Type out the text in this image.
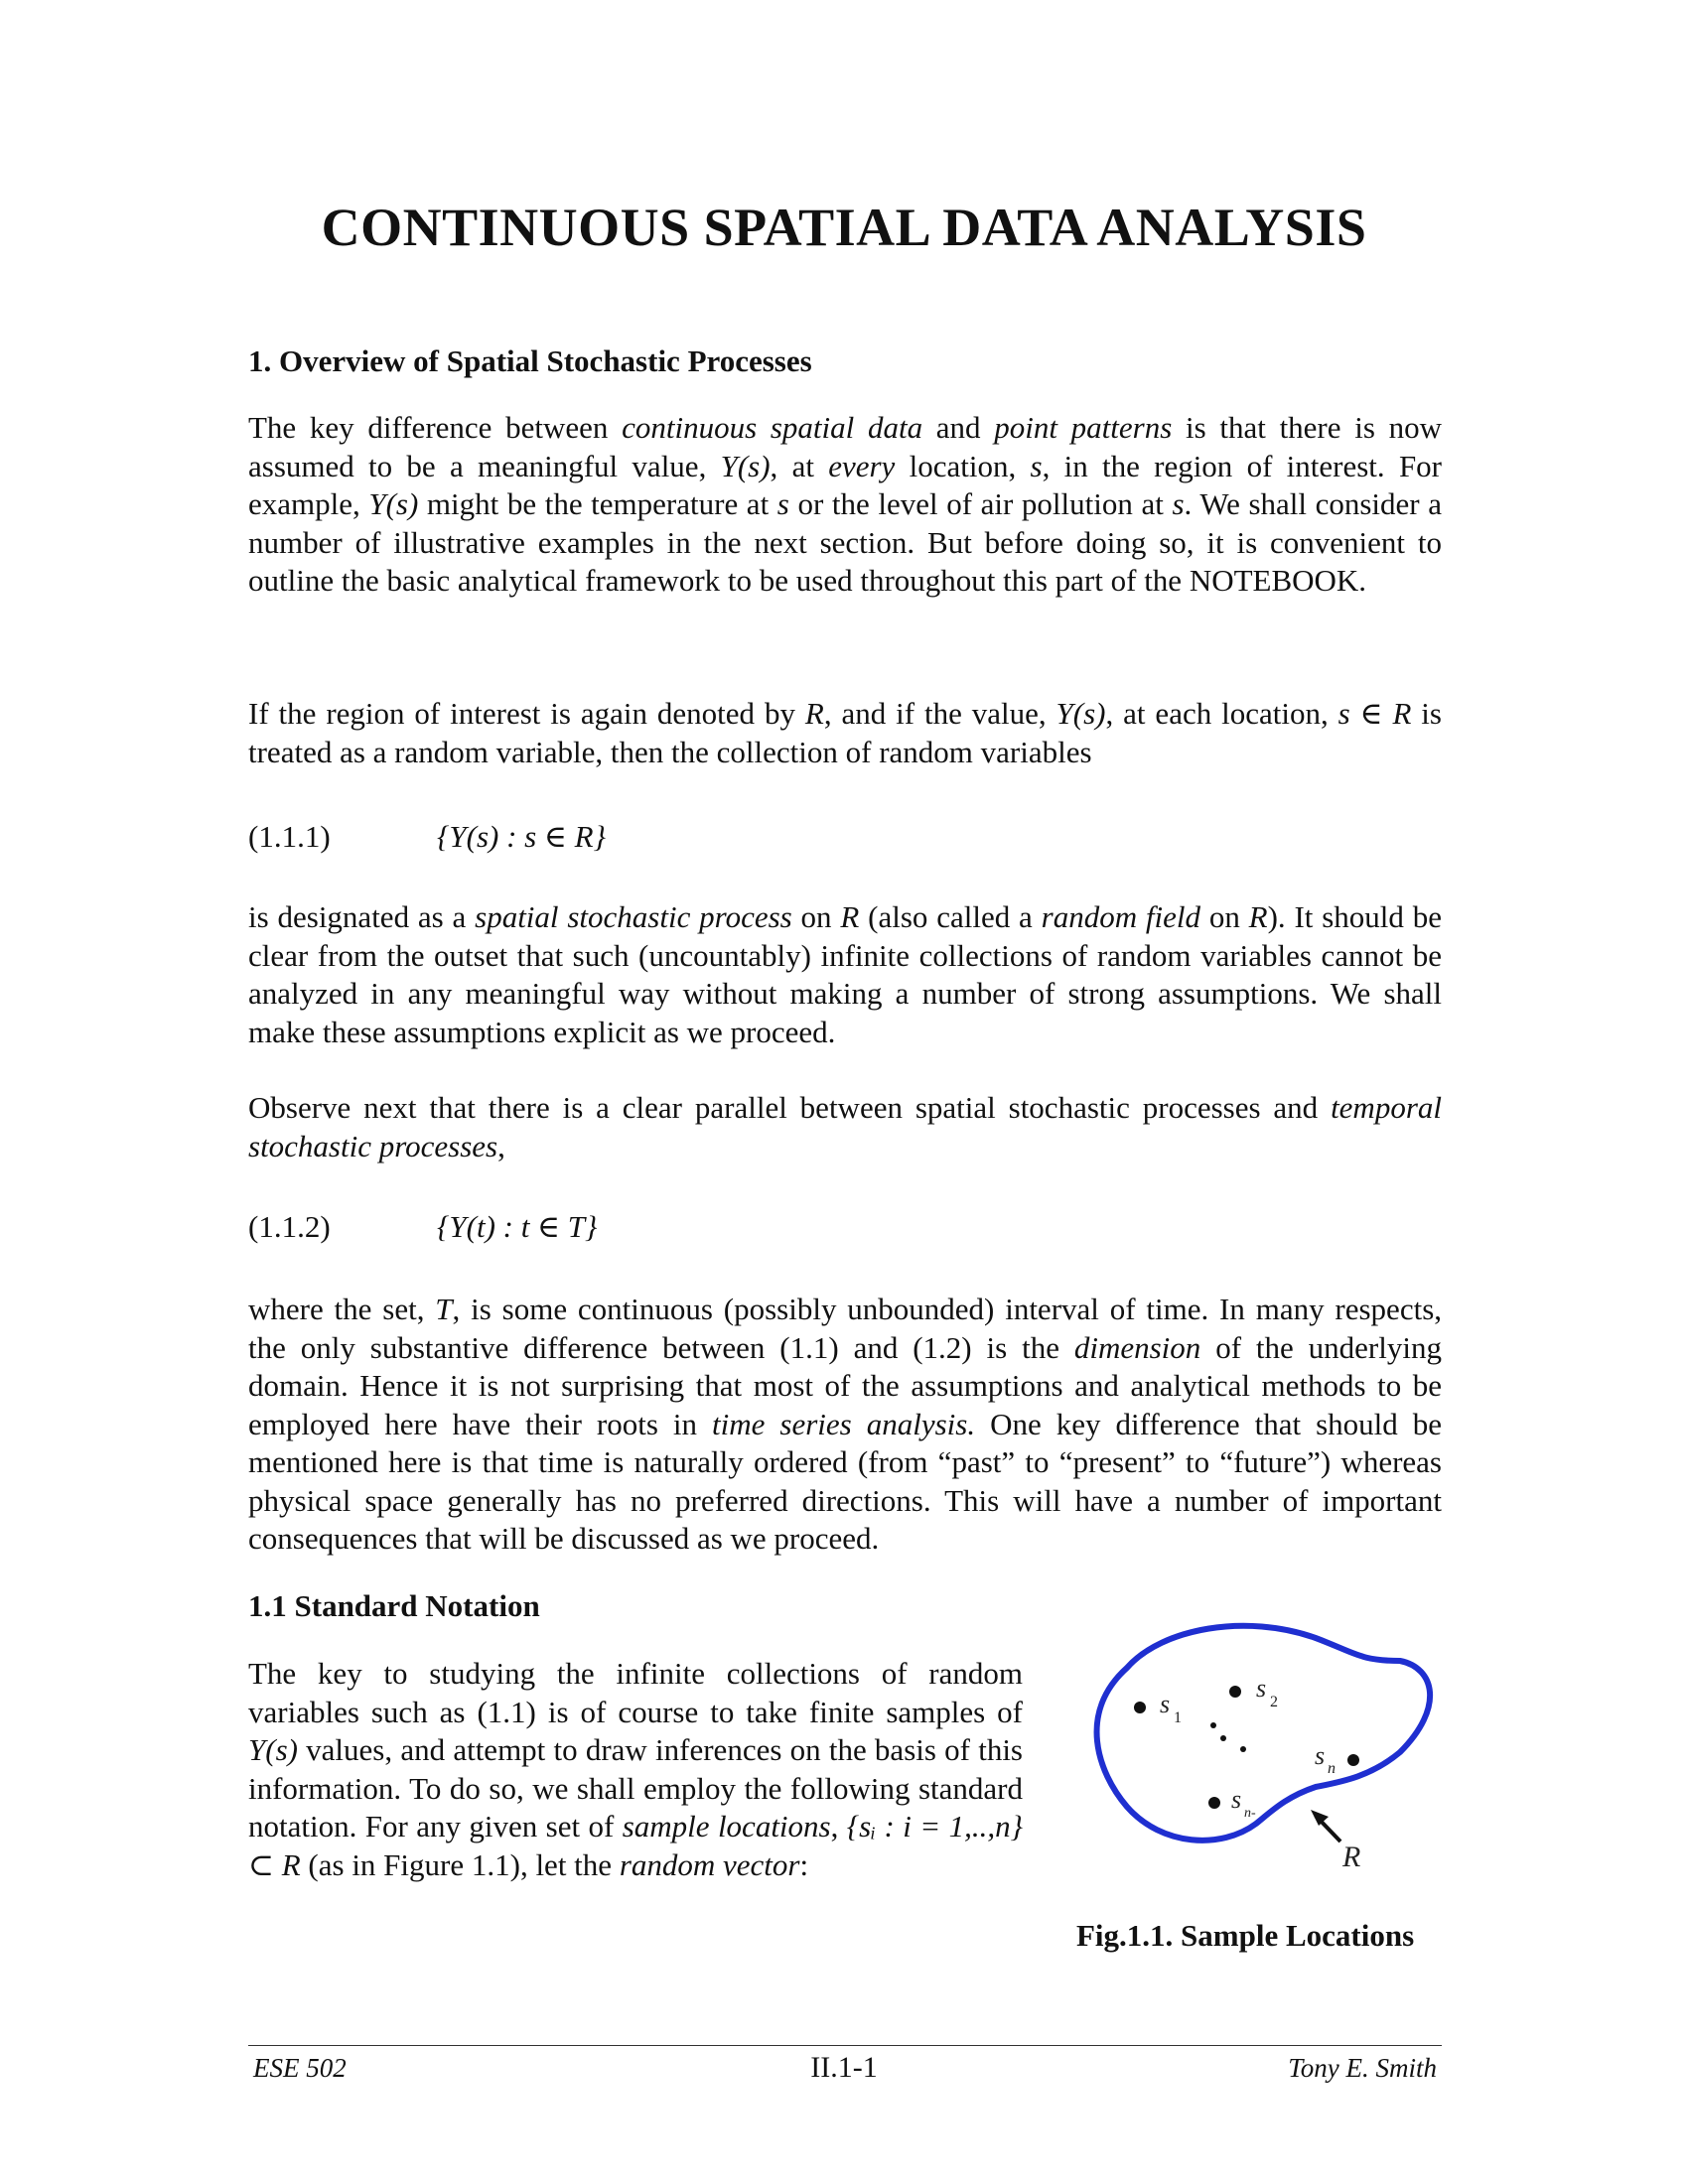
CONTINUOUS SPATIAL DATA ANALYSIS
1. Overview of Spatial Stochastic Processes

The key difference between continuous spatial data and point patterns is that there is now assumed to be a meaningful value, Y(s), at every location, s, in the region of interest. For example, Y(s) might be the temperature at s or the level of air pollution at s. We shall consider a number of illustrative examples in the next section. But before doing so, it is convenient to outline the basic analytical framework to be used throughout this part of the NOTEBOOK.

If the region of interest is again denoted by R, and if the value, Y(s), at each location, s ∈ R is treated as a random variable, then the collection of random variables

(1.1.1)	{Y(s) : s ∈ R}

is designated as a spatial stochastic process on R (also called a random field on R). It should be clear from the outset that such (uncountably) infinite collections of random variables cannot be analyzed in any meaningful way without making a number of strong assumptions. We shall make these assumptions explicit as we proceed.

Observe next that there is a clear parallel between spatial stochastic processes and temporal stochastic processes,

(1.1.2)	{Y(t) : t ∈ T}

where the set, T, is some continuous (possibly unbounded) interval of time. In many respects, the only substantive difference between (1.1) and (1.2) is the dimension of the underlying domain. Hence it is not surprising that most of the assumptions and analytical methods to be employed here have their roots in time series analysis. One key difference that should be mentioned here is that time is naturally ordered (from “past” to “present” to “future”) whereas physical space generally has no preferred directions. This will have a number of important consequences that will be discussed as we proceed.

1.1 Standard Notation

The key to studying the infinite collections of random variables such as (1.1) is of course to take finite samples of Y(s) values, and attempt to draw inferences on the basis of this information. To do so, we shall employ the following standard notation. For any given set of sample locations, {sᵢ : i = 1,..,n} ⊂ R (as in Figure 1.1), let the random vector:

s 1
s 2
s n
s n-
R
Fig.1.1. Sample Locations
ESE 502	II.1-1	Tony E. Smith
